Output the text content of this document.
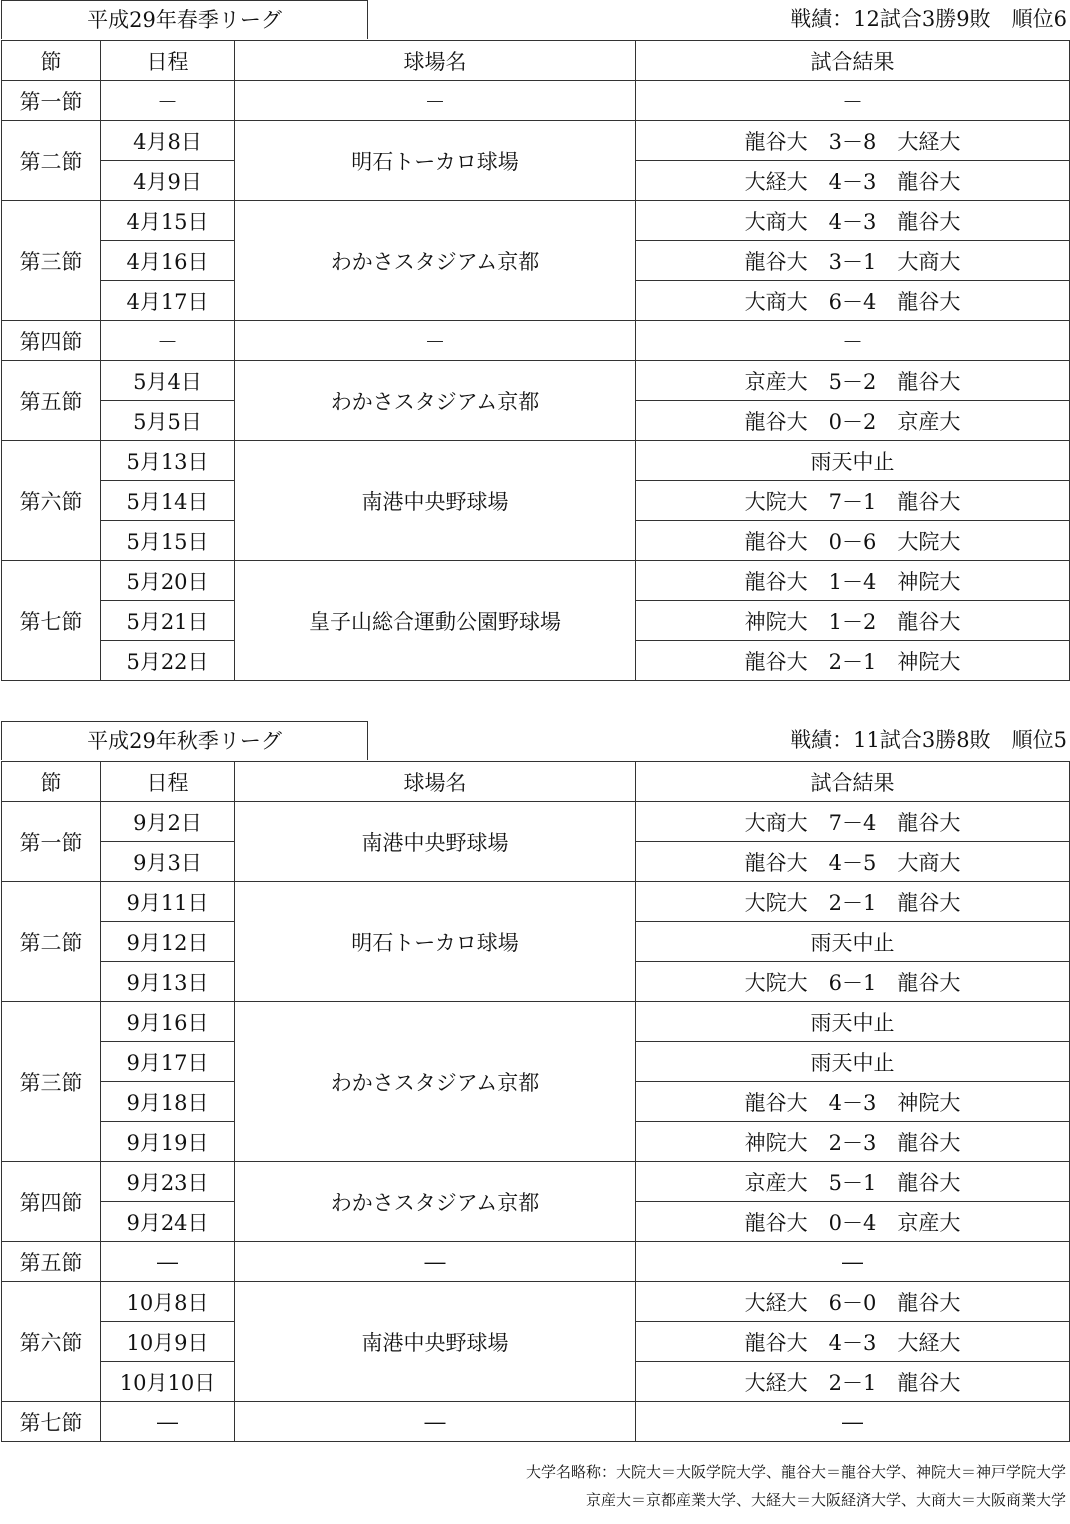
平成29年春季リーグ	戦績：12試合3勝9敗　順位6
節	日程	球場名	試合結果
第一節	－	－	－
第二節	4月8日	明石トーカロ球場	龍谷大　3－8　大経大
	4月9日		大経大　4－3　龍谷大
第三節	4月15日	わかさスタジアム京都	大商大　4－3　龍谷大
	4月16日		龍谷大　3－1　大商大
	4月17日		大商大　6－4　龍谷大
第四節	－	－	－
第五節	5月4日	わかさスタジアム京都	京産大　5－2　龍谷大
	5月5日		龍谷大　0－2　京産大
第六節	5月13日	南港中央野球場	雨天中止
	5月14日		大院大　7－1　龍谷大
	5月15日		龍谷大　0－6　大院大
第七節	5月20日	皇子山総合運動公園野球場	龍谷大　1－4　神院大
	5月21日		神院大　1－2　龍谷大
	5月22日		龍谷大　2－1　神院大
平成29年秋季リーグ	戦績：11試合3勝8敗　順位5
節	日程	球場名	試合結果
第一節	9月2日	南港中央野球場	大商大　7－4　龍谷大
	9月3日		龍谷大　4－5　大商大
第二節	9月11日	明石トーカロ球場	大院大　2－1　龍谷大
	9月12日		雨天中止
	9月13日		大院大　6－1　龍谷大
第三節	9月16日	わかさスタジアム京都	雨天中止
	9月17日		雨天中止
	9月18日		龍谷大　4－3　神院大
	9月19日		神院大　2－3　龍谷大
第四節	9月23日	わかさスタジアム京都	京産大　5－1　龍谷大
	9月24日		龍谷大　0－4　京産大
第五節	―	―	―
第六節	10月8日	南港中央野球場	大経大　6－0　龍谷大
	10月9日		龍谷大　4－3　大経大
	10月10日		大経大　2－1　龍谷大
第七節	―	―	―
大学名略称：大院大＝大阪学院大学、龍谷大＝龍谷大学、神院大＝神戸学院大学
京産大＝京都産業大学、大経大＝大阪経済大学、大商大＝大阪商業大学
